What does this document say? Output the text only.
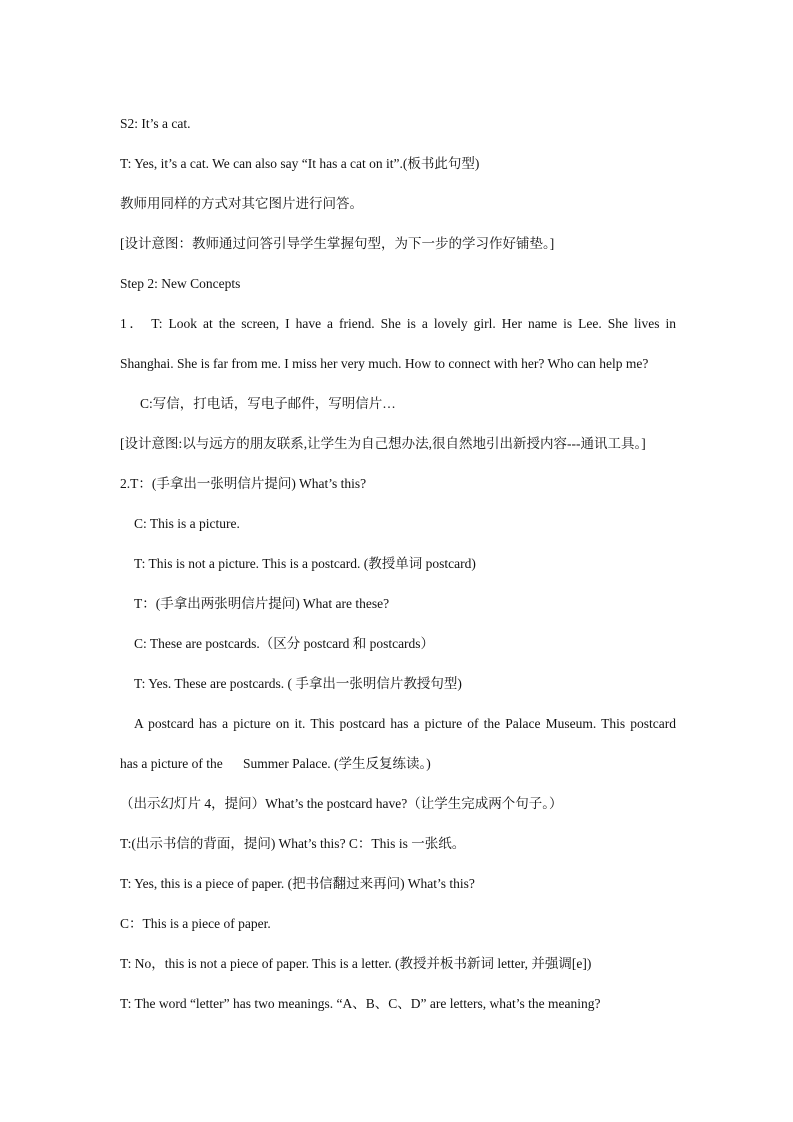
S2: It’s a cat.
T: Yes, it’s a cat. We can also say “It has a cat on it”.(板书此句型)
教师用同样的方式对其它图片进行问答。
[设计意图：教师通过问答引导学生掌握句型，为下一步的学习作好铺垫。]
Step 2: New Concepts
1． T: Look at the screen, I have a friend. She is a lovely girl. Her name is Lee. She lives in
Shanghai. She is far from me. I miss her very much. How to connect with her? Who can help me?
C:写信，打电话，写电子邮件，写明信片…
[设计意图:以与远方的朋友联系,让学生为自己想办法,很自然地引出新授内容---通讯工具。]
2.T：(手拿出一张明信片提问) What’s this?
C: This is a picture.
T: This is not a picture. This is a postcard. (教授单词 postcard)
T：(手拿出两张明信片提问) What are these?
C: These are postcards.（区分 postcard 和 postcards）
T: Yes. These are postcards. ( 手拿出一张明信片教授句型)
A postcard has a picture on it. This postcard has a picture of the Palace Museum. This postcard
has a picture of the      Summer Palace. (学生反复练读。)
（出示幻灯片 4，提问）What’s the postcard have?（让学生完成两个句子。）
T:(出示书信的背面，提问) What’s this? C：This is 一张纸。
T: Yes, this is a piece of paper. (把书信翻过来再问) What’s this?
C：This is a piece of paper.
T: No，this is not a piece of paper. This is a letter. (教授并板书新词 letter, 并强调[e])
T: The word “letter” has two meanings. “A、B、C、D” are letters, what’s the meaning?
